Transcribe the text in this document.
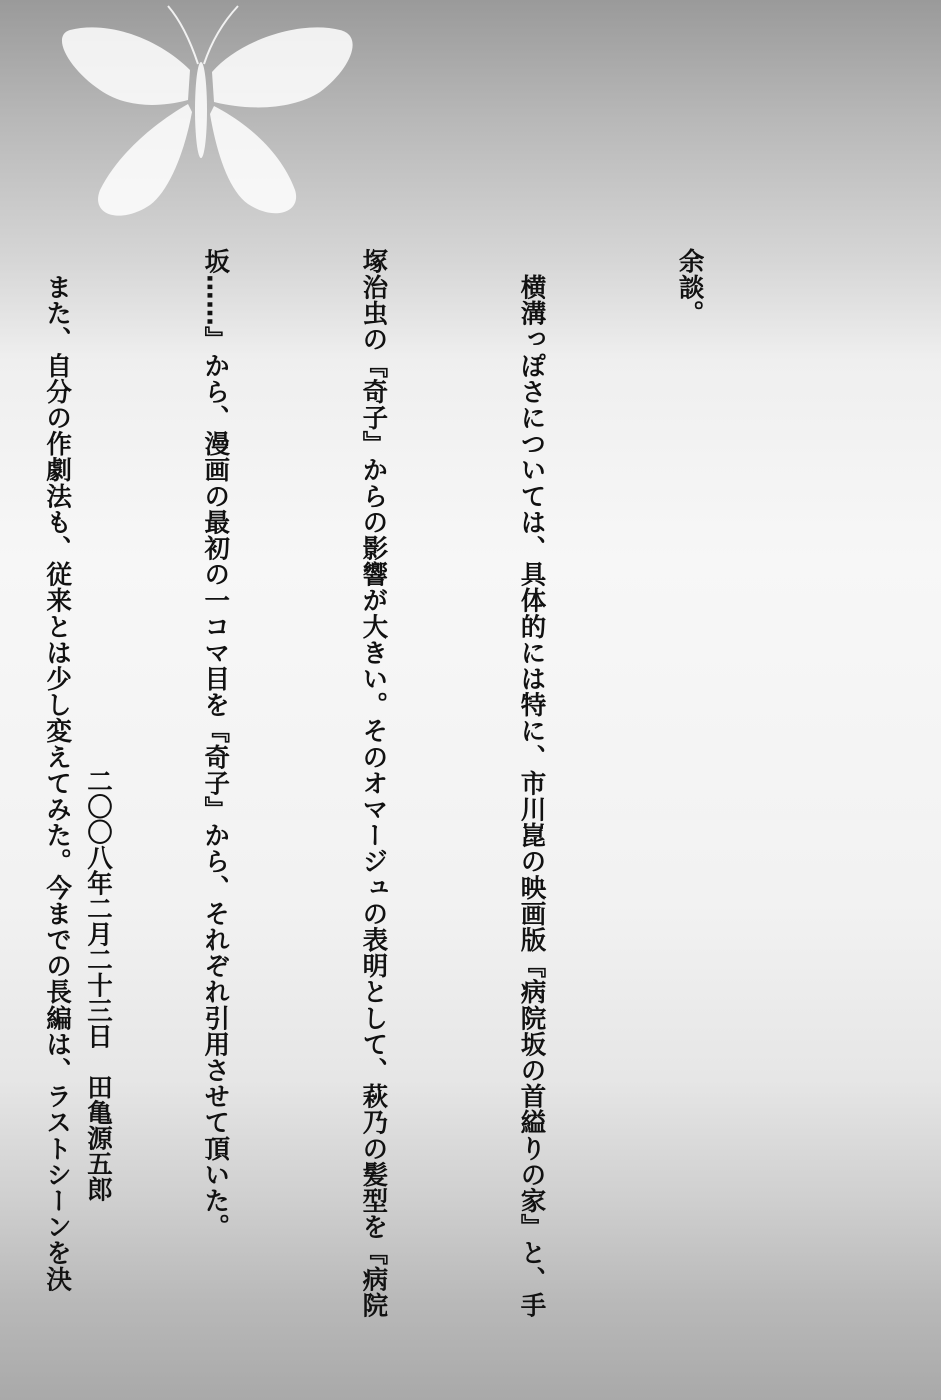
余談。

　横溝っぽさについては、具体的には特に、市川崑の映画版『病院坂の首縊りの家』と、手

塚治虫の『奇子』からの影響が大きい。そのオマージュの表明として、萩乃の髪型を『病院

坂……』から、漫画の最初の一コマ目を『奇子』から、それぞれ引用させて頂いた。

　また、自分の作劇法も、従来とは少し変えてみた。今までの長編は、ラストシーンを決

二〇〇八年二月二十三日　田亀源五郎
